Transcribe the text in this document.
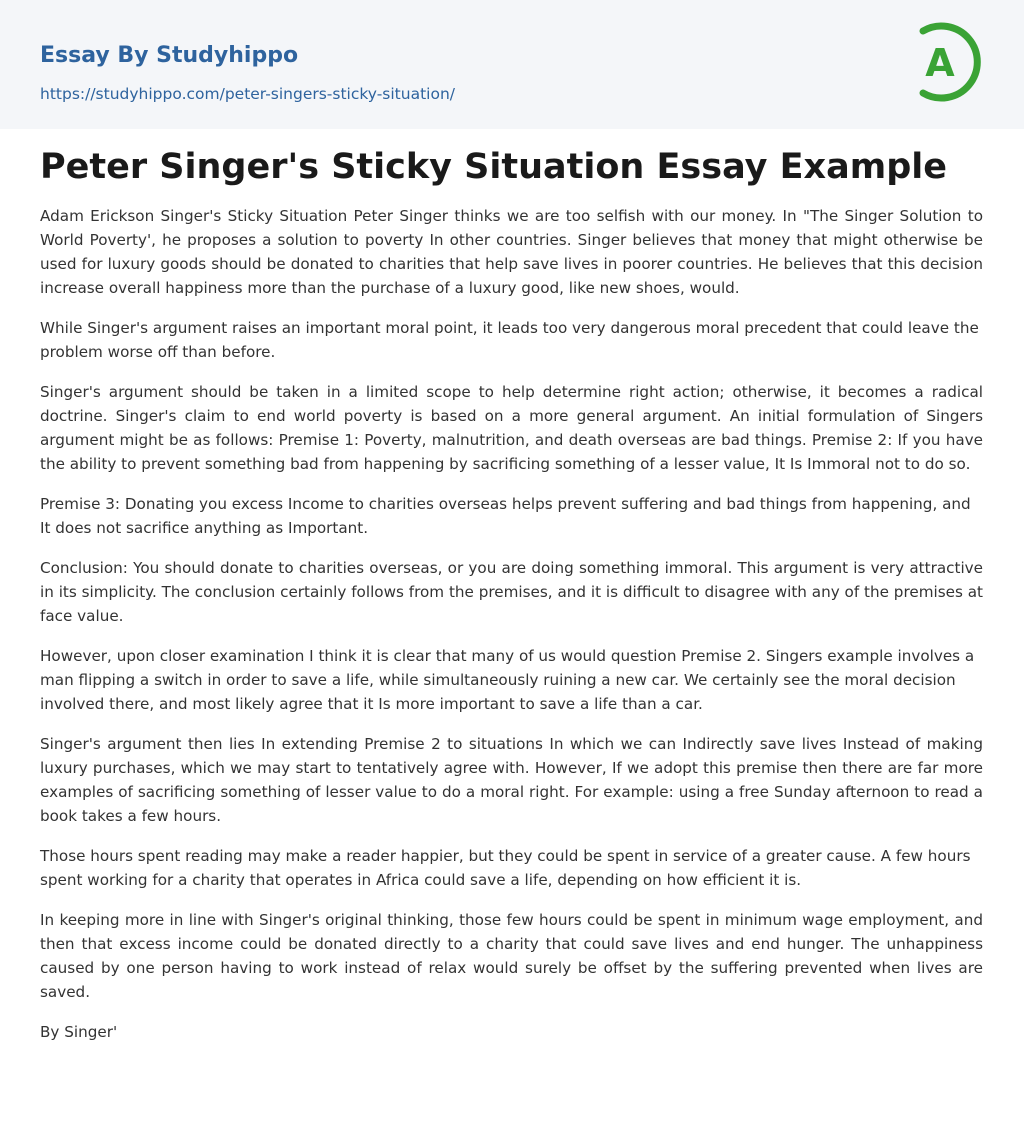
Essay By Studyhippo

https://studyhippo.com/peter-singers-sticky-situation/
A
Peter Singer's Sticky Situation Essay Example

Adam Erickson Singer's Sticky Situation Peter Singer thinks we are too selfish with our money. In "The Singer Solution to World Poverty', he proposes a solution to poverty In other countries. Singer believes that money that might otherwise be used for luxury goods should be donated to charities that help save lives in poorer countries. He believes that this decision increase overall happiness more than the purchase of a luxury good, like new shoes, would.

While Singer's argument raises an important moral point, it leads too very dangerous moral precedent that could leave the problem worse off than before.

Singer's argument should be taken in a limited scope to help determine right action; otherwise, it becomes a radical doctrine. Singer's claim to end world poverty is based on a more general argument. An initial formulation of Singers argument might be as follows: Premise 1: Poverty, malnutrition, and death overseas are bad things. Premise 2: If you have the ability to prevent something bad from happening by sacrificing something of a lesser value, It Is Immoral not to do so.

Premise 3: Donating you excess Income to charities overseas helps prevent suffering and bad things from happening, and It does not sacrifice anything as Important.

Conclusion: You should donate to charities overseas, or you are doing something immoral. This argument is very attractive in its simplicity. The conclusion certainly follows from the premises, and it is difficult to disagree with any of the premises at face value.

However, upon closer examination I think it is clear that many of us would question Premise 2. Singers example involves a man flipping a switch in order to save a life, while simultaneously ruining a new car. We certainly see the moral decision involved there, and most likely agree that it Is more important to save a life than a car.

Singer's argument then lies In extending Premise 2 to situations In which we can Indirectly save lives Instead of making luxury purchases, which we may start to tentatively agree with. However, If we adopt this premise then there are far more examples of sacrificing something of lesser value to do a moral right. For example: using a free Sunday afternoon to read a book takes a few hours.

Those hours spent reading may make a reader happier, but they could be spent in service of a greater cause. A few hours spent working for a charity that operates in Africa could save a life, depending on how efficient it is.

In keeping more in line with Singer's original thinking, those few hours could be spent in minimum wage employment, and then that excess income could be donated directly to a charity that could save lives and end hunger. The unhappiness caused by one person having to work instead of relax would surely be offset by the suffering prevented when lives are saved.

By Singer'
